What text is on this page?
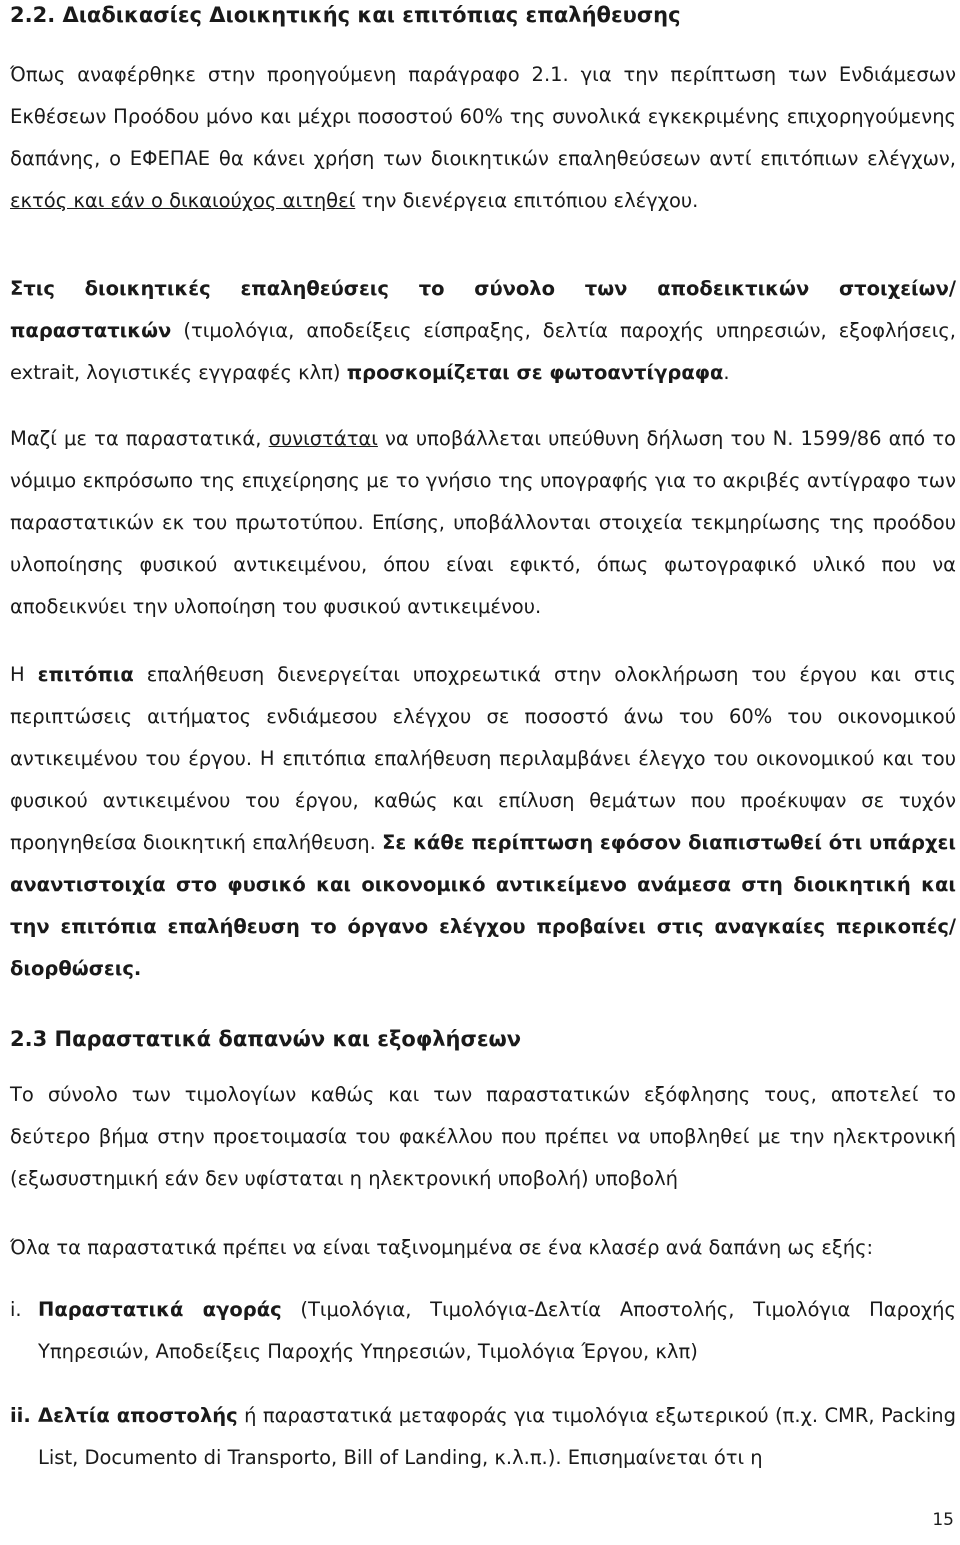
2.2. Διαδικασίες Διοικητικής και επιτόπιας επαλήθευσης

Όπως αναφέρθηκε στην προηγούμενη παράγραφο 2.1. για την περίπτωση των Ενδιάμεσων Εκθέσεων Προόδου μόνο και μέχρι ποσοστού 60% της συνολικά εγκεκριμένης επιχορηγούμενης δαπάνης, ο ΕΦΕΠΑΕ θα κάνει χρήση των διοικητικών επαληθεύσεων αντί επιτόπιων ελέγχων, εκτός και εάν ο δικαιούχος αιτηθεί την διενέργεια επιτόπιου ελέγχου.

Στις διοικητικές επαληθεύσεις το σύνολο των αποδεικτικών στοιχείων/παραστατικών (τιμολόγια, αποδείξεις είσπραξης, δελτία παροχής υπηρεσιών, εξοφλήσεις, extrait, λογιστικές εγγραφές κλπ) προσκομίζεται σε φωτοαντίγραφα.

Μαζί με τα παραστατικά, συνιστάται να υποβάλλεται υπεύθυνη δήλωση του Ν. 1599/86 από το νόμιμο εκπρόσωπο της επιχείρησης με το γνήσιο της υπογραφής για το ακριβές αντίγραφο των παραστατικών εκ του πρωτοτύπου. Επίσης, υποβάλλονται στοιχεία τεκμηρίωσης της προόδου υλοποίησης φυσικού αντικειμένου, όπου είναι εφικτό, όπως φωτογραφικό υλικό που να αποδεικνύει την υλοποίηση του φυσικού αντικειμένου.

Η επιτόπια επαλήθευση διενεργείται υποχρεωτικά στην ολοκλήρωση του έργου και στις περιπτώσεις αιτήματος ενδιάμεσου ελέγχου σε ποσοστό άνω του 60% του οικονομικού αντικειμένου του έργου. Η επιτόπια επαλήθευση περιλαμβάνει έλεγχο του οικονομικού και του φυσικού αντικειμένου του έργου, καθώς και επίλυση θεμάτων που προέκυψαν σε τυχόν προηγηθείσα διοικητική επαλήθευση. Σε κάθε περίπτωση εφόσον διαπιστωθεί ότι υπάρχει αναντιστοιχία στο φυσικό και οικονομικό αντικείμενο ανάμεσα στη διοικητική και την επιτόπια επαλήθευση το όργανο ελέγχου προβαίνει στις αναγκαίες περικοπές/διορθώσεις.

2.3 Παραστατικά δαπανών και εξοφλήσεων

Το σύνολο των τιμολογίων καθώς και των παραστατικών εξόφλησης τους, αποτελεί το δεύτερο βήμα στην προετοιμασία του φακέλλου που πρέπει να υποβληθεί με την ηλεκτρονική (εξωσυστημική εάν δεν υφίσταται η ηλεκτρονική υποβολή) υποβολή

Όλα τα παραστατικά πρέπει να είναι ταξινομημένα σε ένα κλασέρ ανά δαπάνη ως εξής:

i. Παραστατικά αγοράς (Τιμολόγια, Τιμολόγια-Δελτία Αποστολής, Τιμολόγια Παροχής Υπηρεσιών, Αποδείξεις Παροχής Υπηρεσιών, Τιμολόγια Έργου, κλπ)
ii. Δελτία αποστολής ή παραστατικά μεταφοράς για τιμολόγια εξωτερικού (π.χ. CMR, Packing List, Documento di Transporto, Bill of Landing, κ.λ.π.). Επισημαίνεται ότι η
15
